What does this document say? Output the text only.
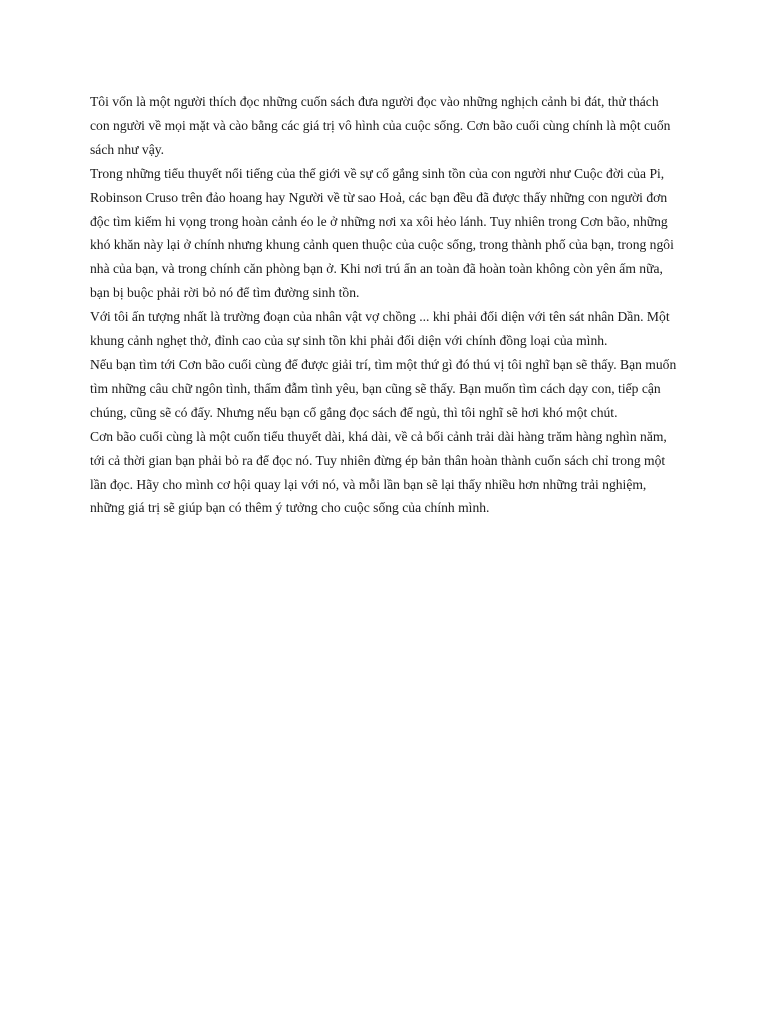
Tôi vốn là một người thích đọc những cuốn sách đưa người đọc vào những nghịch cảnh bi đát, thử thách con người về mọi mặt và cào bằng các giá trị vô hình của cuộc sống. Cơn bão cuối cùng chính là một cuốn sách như vậy.

Trong những tiểu thuyết nổi tiếng của thế giới về sự cố gắng sinh tồn của con người như Cuộc đời của Pi, Robinson Cruso trên đảo hoang hay Người về từ sao Hoả, các bạn đều đã được thấy những con người đơn độc tìm kiếm hi vọng trong hoàn cảnh éo le ở những nơi xa xôi hẻo lánh. Tuy nhiên trong Cơn bão, những khó khăn này lại ở chính nhưng khung cảnh quen thuộc của cuộc sống, trong thành phố của bạn, trong ngôi nhà của bạn, và trong chính căn phòng bạn ở. Khi nơi trú ẩn an toàn đã hoàn toàn không còn yên ấm nữa, bạn bị buộc phải rời bỏ nó để tìm đường sinh tồn.

Với tôi ấn tượng nhất là trường đoạn của nhân vật vợ chồng ... khi phải đối diện với tên sát nhân Dần. Một khung cảnh nghẹt thở, đỉnh cao của sự sinh tồn khi phải đối diện với chính đồng loại của mình.

Nếu bạn tìm tới Cơn bão cuối cùng để được giải trí, tìm một thứ gì đó thú vị tôi nghĩ bạn sẽ thấy. Bạn muốn tìm những câu chữ ngôn tình, thấm đẫm tình yêu, bạn cũng sẽ thấy. Bạn muốn tìm cách dạy con, tiếp cận chúng, cũng sẽ có đấy. Nhưng nếu bạn cố gắng đọc sách để ngủ, thì tôi nghĩ sẽ hơi khó một chút.

Cơn bão cuối cùng là một cuốn tiểu thuyết dài, khá dài, về cả bối cảnh trải dài hàng trăm hàng nghìn năm, tới cả thời gian bạn phải bỏ ra để đọc nó. Tuy nhiên đừng ép bản thân hoàn thành cuốn sách chỉ trong một lần đọc. Hãy cho mình cơ hội quay lại với nó, và mỗi lần bạn sẽ lại thấy nhiều hơn những trải nghiệm, những giá trị sẽ giúp bạn có thêm ý tưởng cho cuộc sống của chính mình.
